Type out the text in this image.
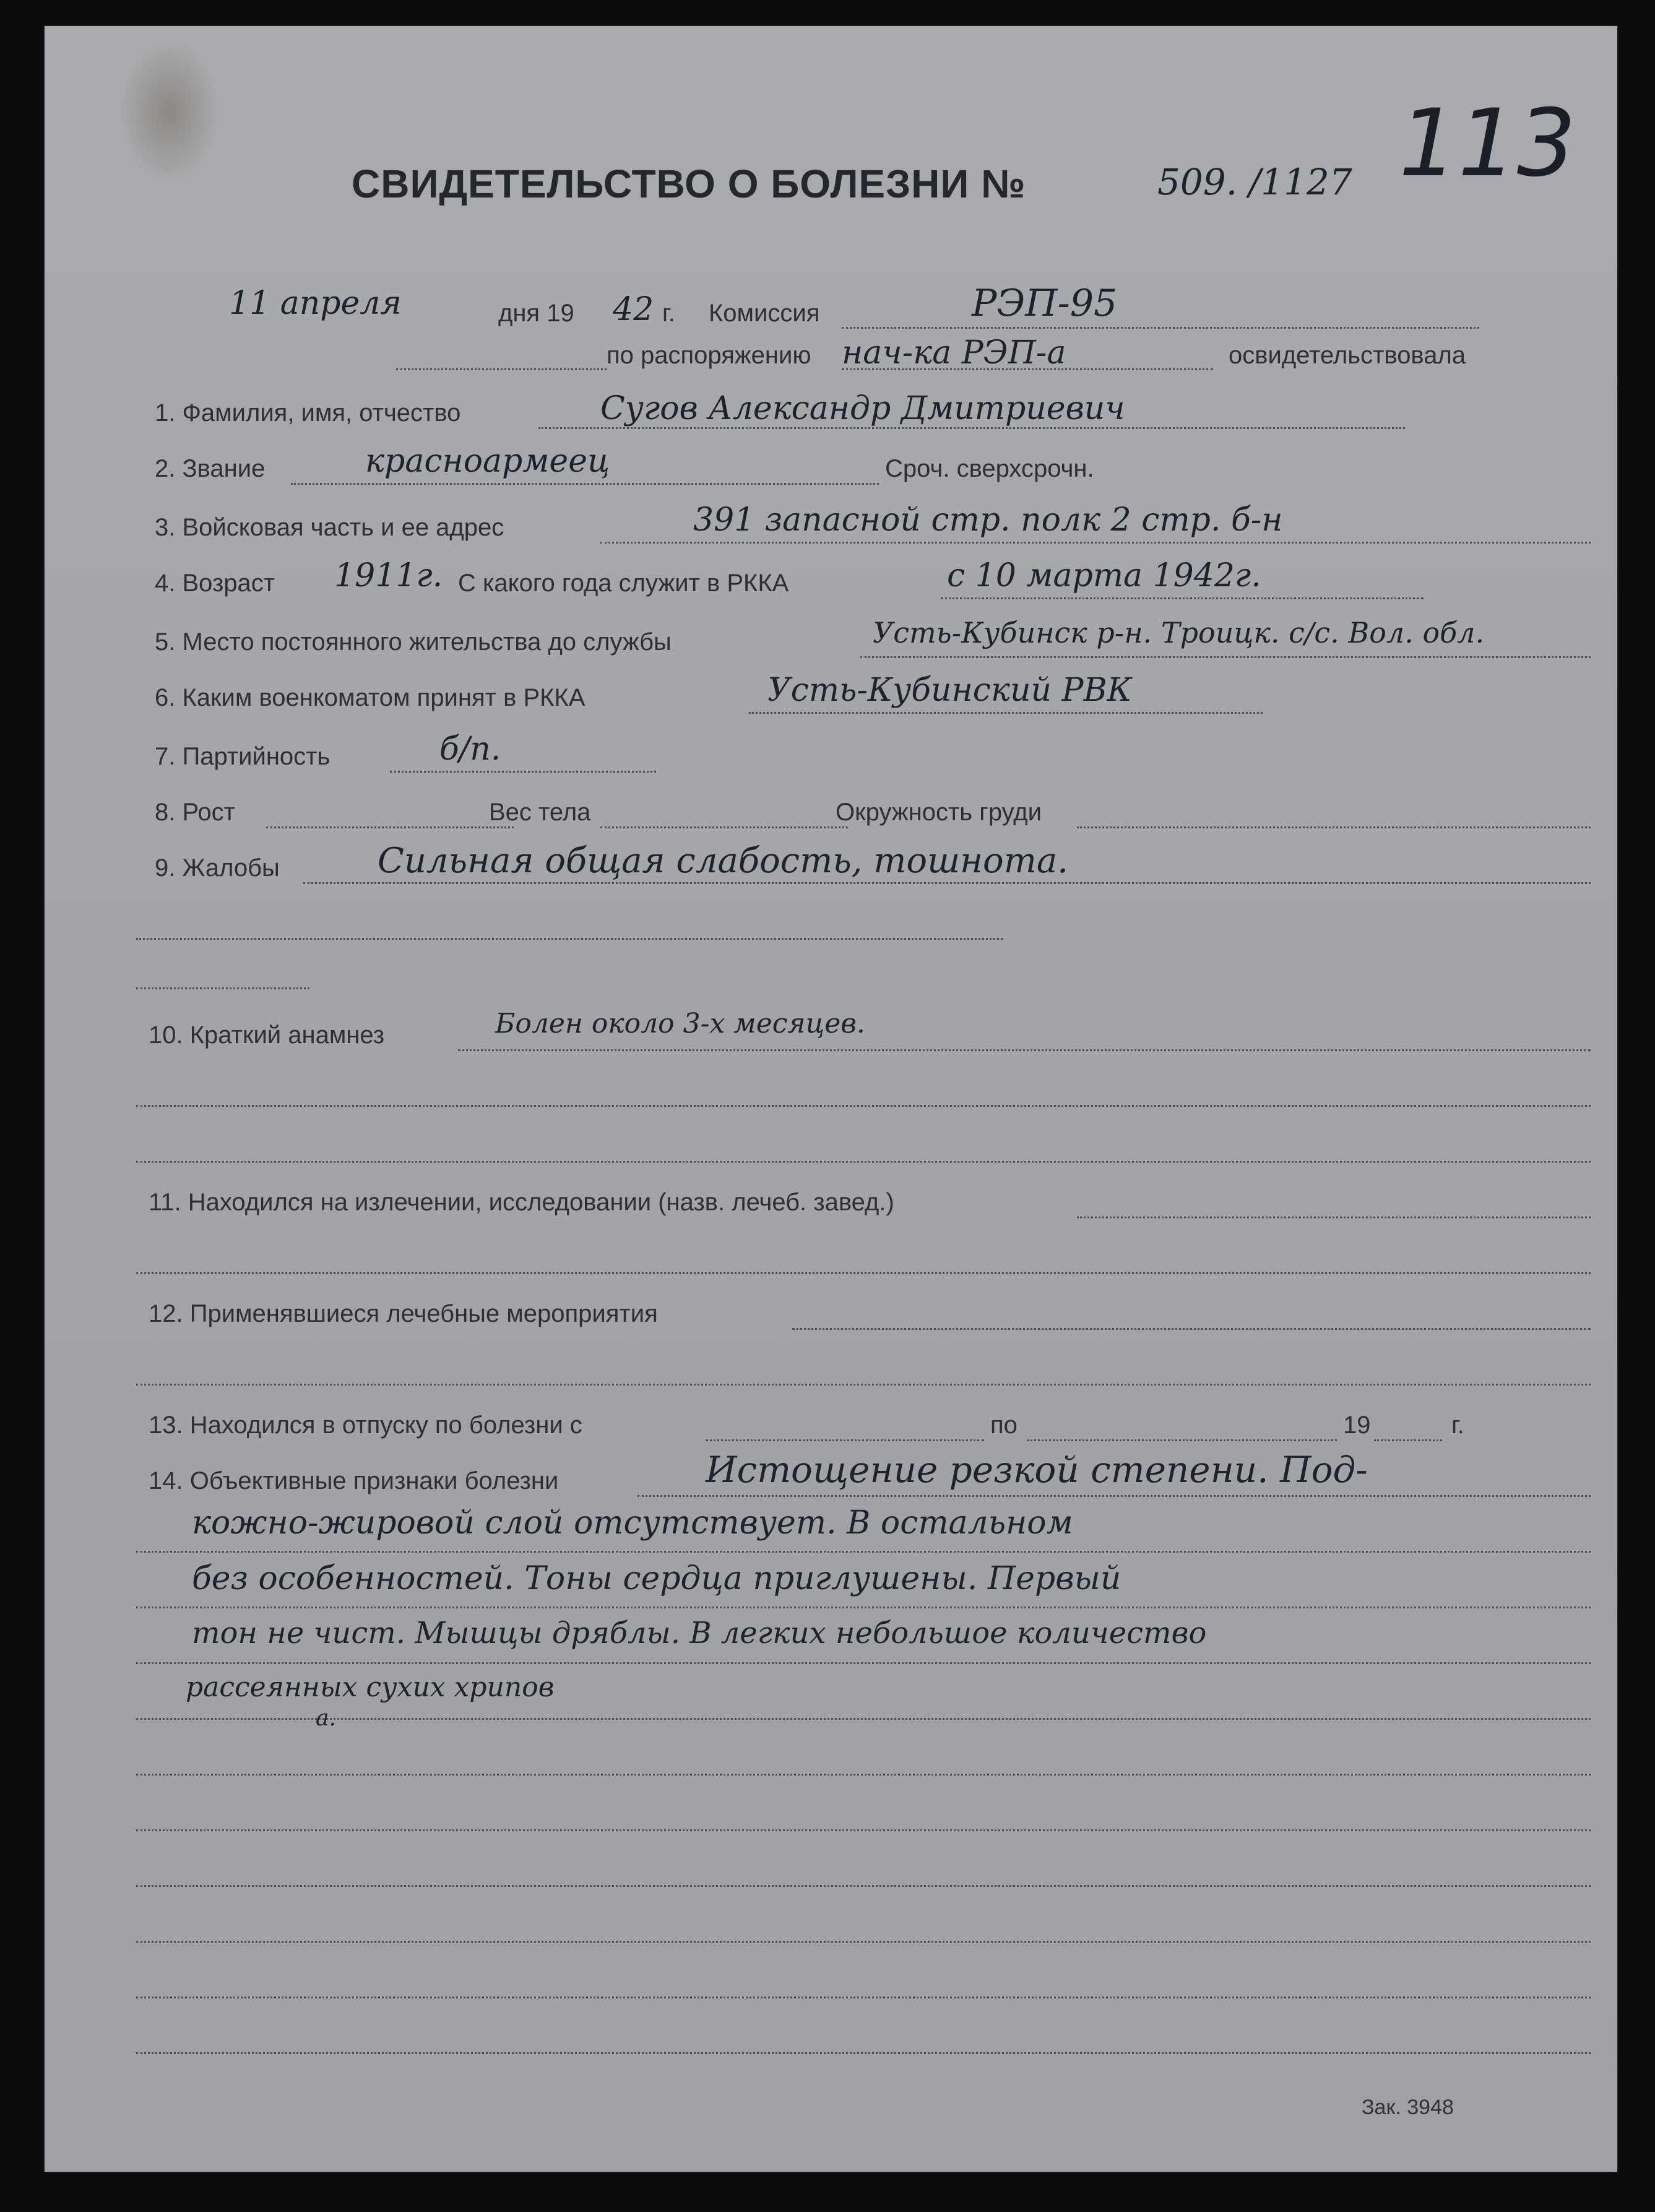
113
СВИДЕТЕЛЬСТВО О БОЛЕЗНИ №	509. /1127
11 апреля	дня 19 42 г. Комиссия	РЭП-95
по распоряжению нач-ка РЭП-а	освидетельствовала
1. Фамилия, имя, отчество	Сугов Александр Дмитриевич
2. Звание	красноармеец	Сроч. сверхсрочн.
3. Войсковая часть и ее адрес	391 запасной стр. полк 2 стр. б-н
4. Возраст 1911г. С какого года служит в РККА	с 10 марта 1942г.
5. Место постоянного жительства до службы	Усть-Кубинск р-н. Троицк. с/с. Вол. обл.
6. Каким военкоматом принят в РККА	Усть-Кубинский РВК
7. Партийность	б/п.
8. Рост	Вес тела	Окружность груди
9. Жалобы	Сильная общая слабость, тошнота.
10. Краткий анамнез	Болен около 3-х месяцев.
11. Находился на излечении, исследовании (назв. лечеб. завед.)
12. Применявшиеся лечебные мероприятия
13. Находился в отпуску по болезни с	по	19	г.
14. Объективные признаки болезни	Истощение резкой степени. Под-
кожно-жировой слой отсутствует. В остальном
без особенностей. Тоны сердца приглушены. Первый
тон не чист. Мышцы дряблы. В легких небольшое количество
рассеянных сухих хрипов
а.
Зак. 3948
